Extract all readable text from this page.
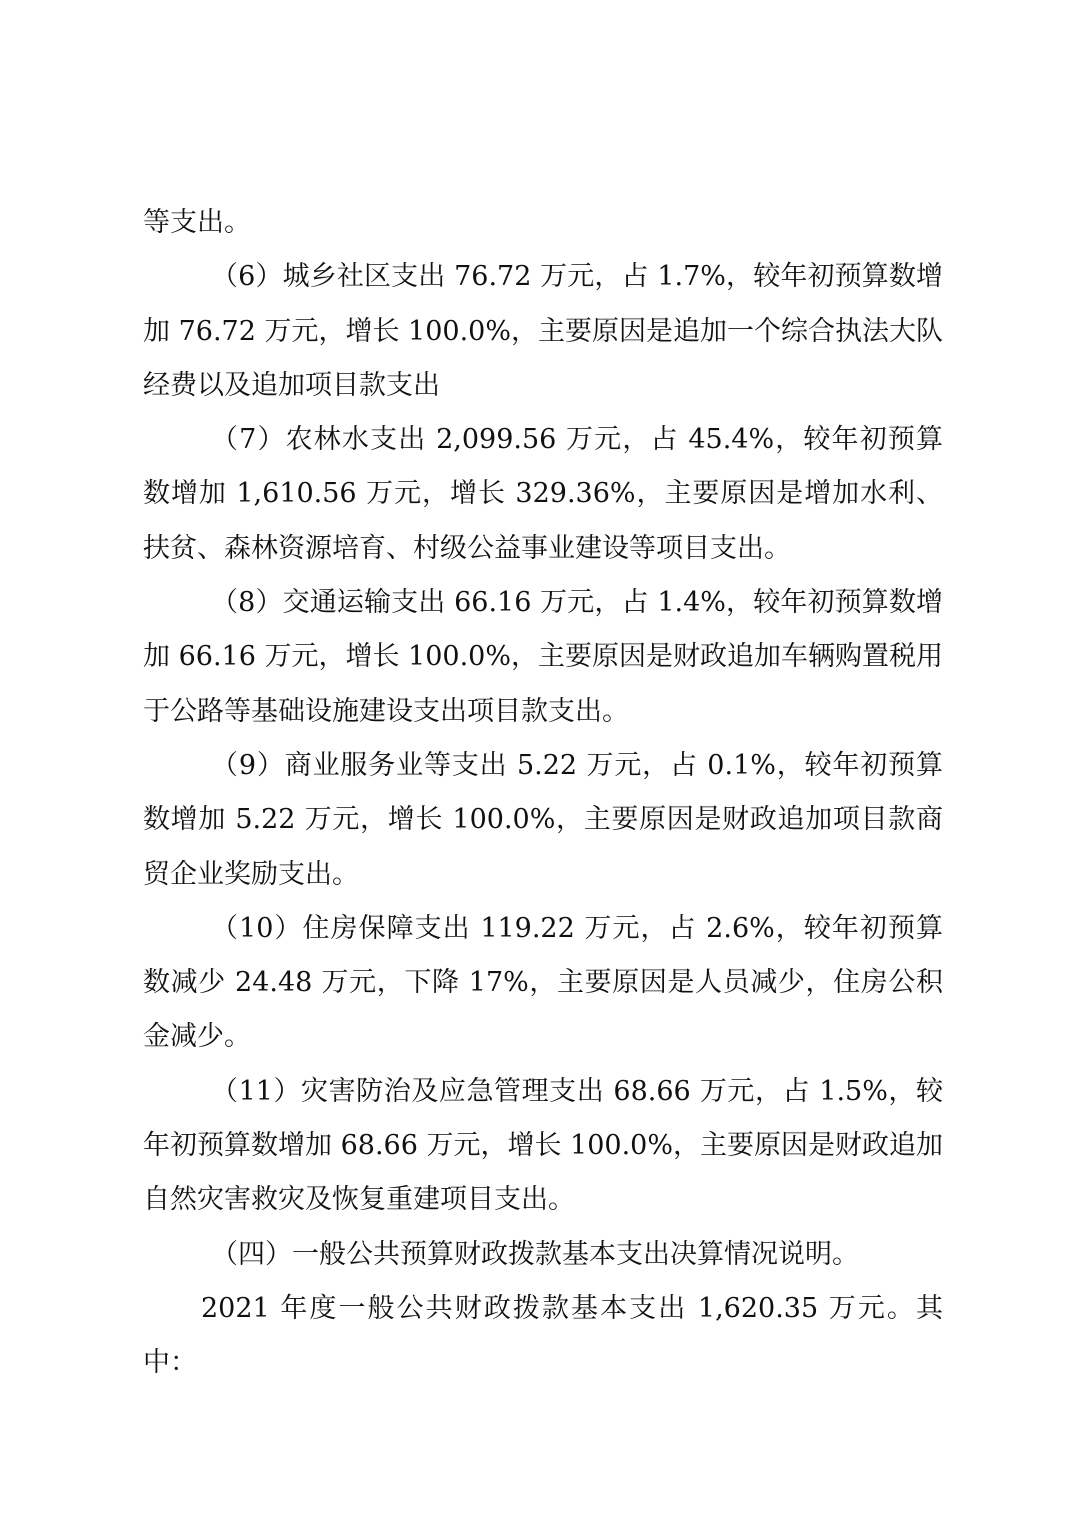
等支出。

（6）城乡社区支出 76.72 万元，占 1.7%，较年初预算数增加 76.72 万元，增长 100.0%，主要原因是追加一个综合执法大队经费以及追加项目款支出

（7）农林水支出 2,099.56 万元，占 45.4%，较年初预算数增加 1,610.56 万元，增长 329.36%，主要原因是增加水利、扶贫、森林资源培育、村级公益事业建设等项目支出。

（8）交通运输支出 66.16 万元，占 1.4%，较年初预算数增加 66.16 万元，增长 100.0%，主要原因是财政追加车辆购置税用于公路等基础设施建设支出项目款支出。

（9）商业服务业等支出 5.22 万元，占 0.1%，较年初预算数增加 5.22 万元，增长 100.0%，主要原因是财政追加项目款商贸企业奖励支出。

（10）住房保障支出 119.22 万元，占 2.6%，较年初预算数减少 24.48 万元，下降 17%，主要原因是人员减少，住房公积金减少。

（11）灾害防治及应急管理支出 68.66 万元，占 1.5%，较年初预算数增加 68.66 万元，增长 100.0%，主要原因是财政追加自然灾害救灾及恢复重建项目支出。

（四）一般公共预算财政拨款基本支出决算情况说明。

2021 年度一般公共财政拨款基本支出 1,620.35 万元。其中：
